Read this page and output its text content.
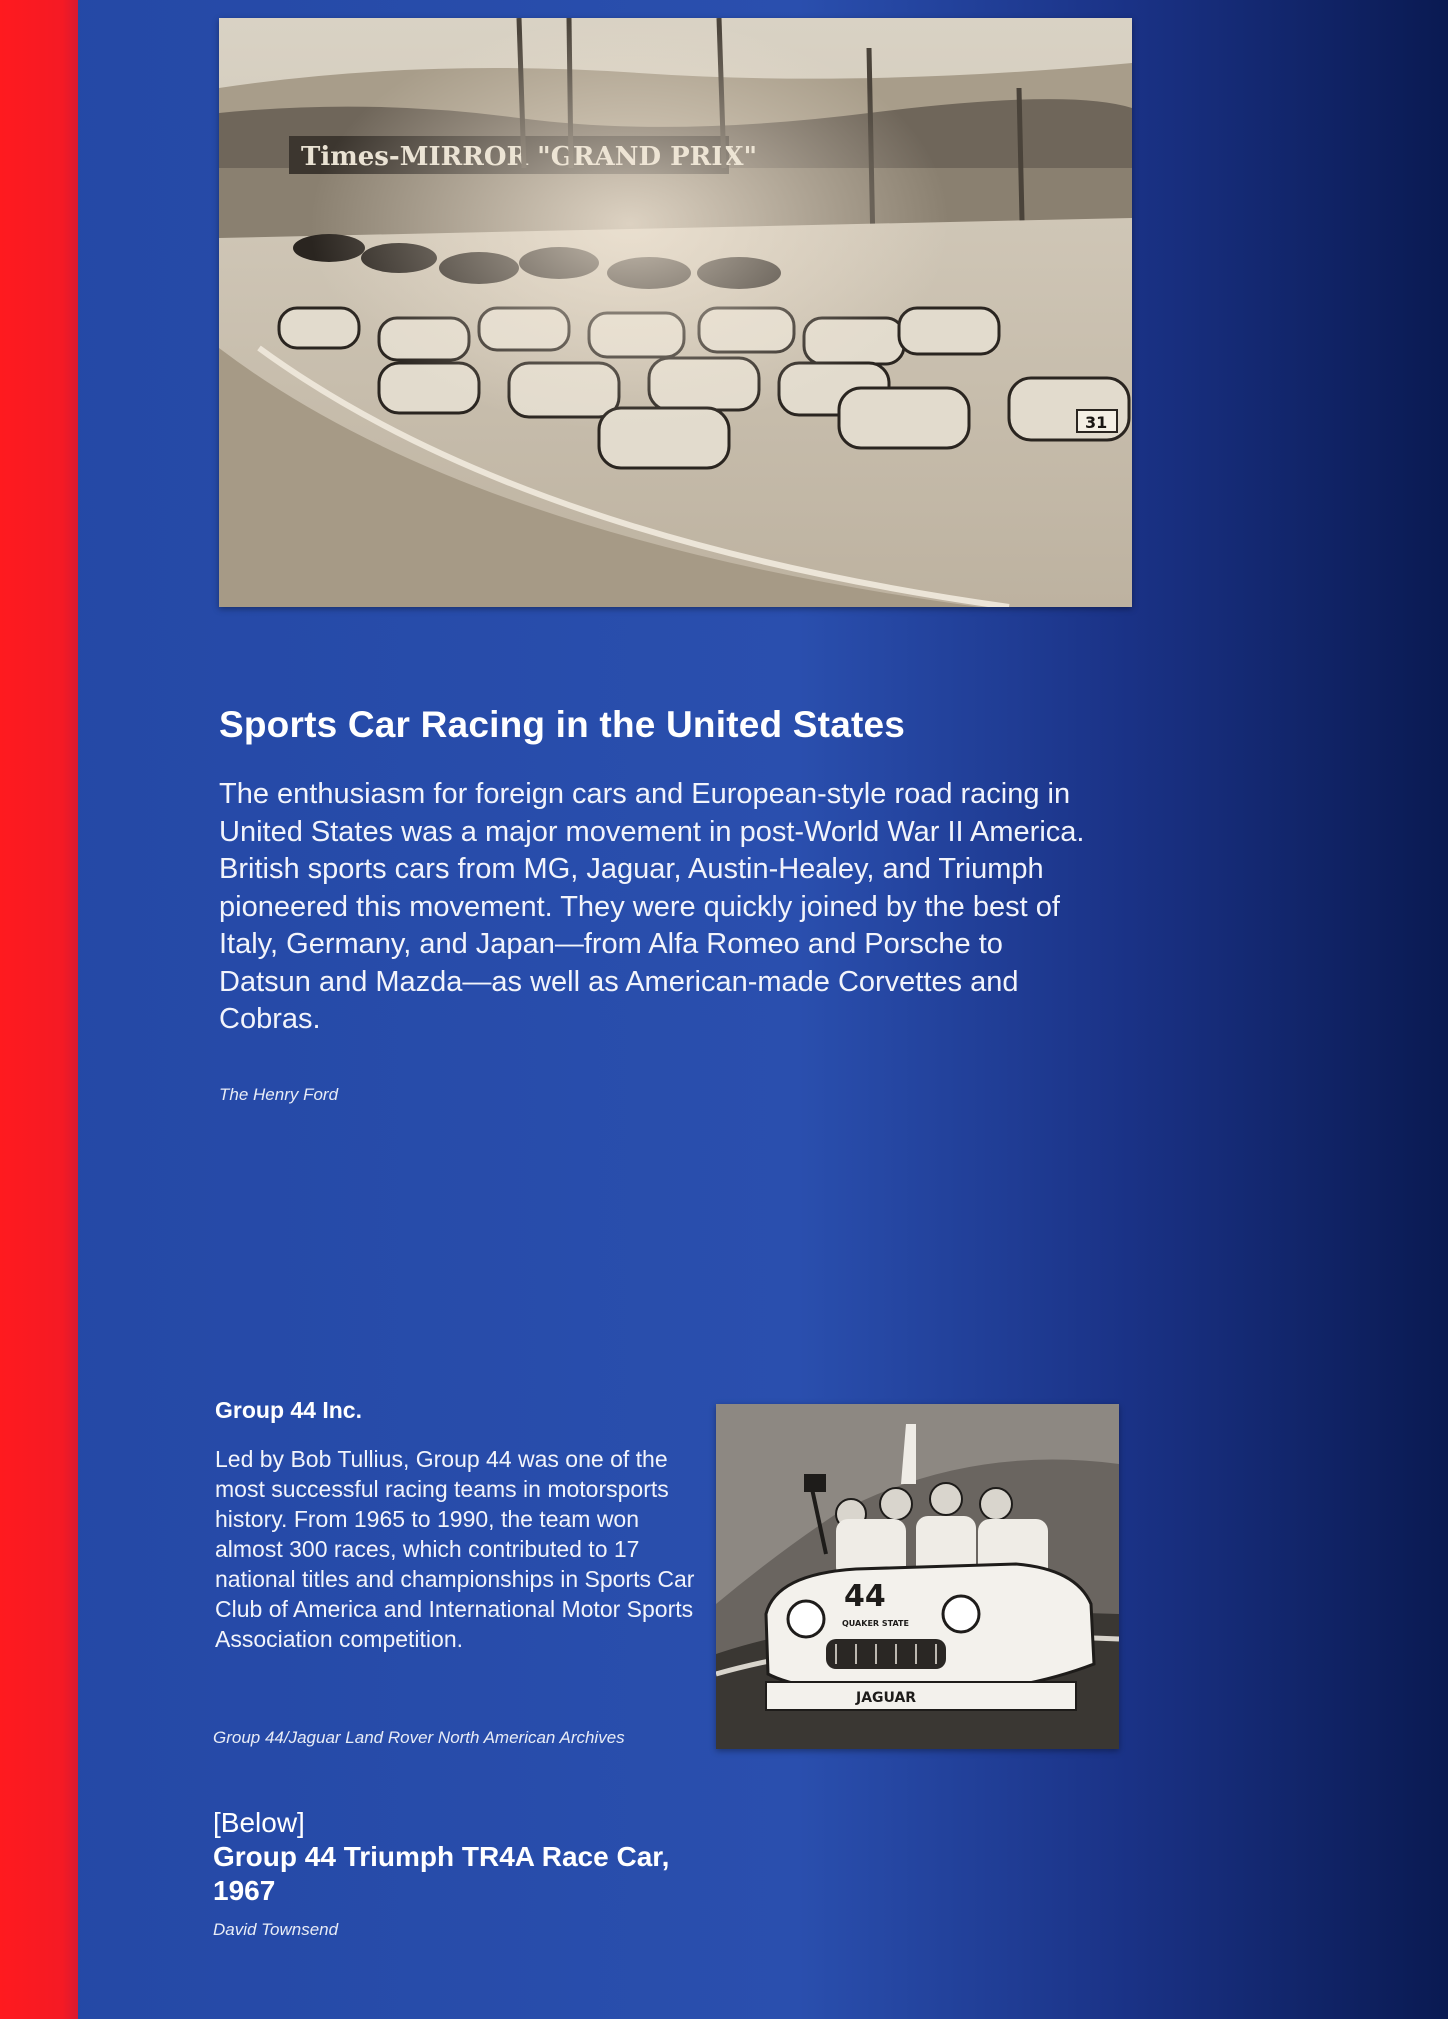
Sports Car Racing in the United States

The enthusiasm for foreign cars and European-style road racing in United States was a major movement in post-World War II America. British sports cars from MG, Jaguar, Austin-Healey, and Triumph pioneered this movement. They were quickly joined by the best of Italy, Germany, and Japan—from Alfa Romeo and Porsche to Datsun and Mazda—as well as American-made Corvettes and Cobras.

The Henry Ford

Group 44 Inc.

Led by Bob Tullius, Group 44 was one of the most successful racing teams in motorsports history. From 1965 to 1990, the team won almost 300 races, which contributed to 17 national titles and championships in Sports Car Club of America and International Motor Sports Association competition.

Group 44/Jaguar Land Rover North American Archives

44
QUAKER STATE
JAGUAR

[Below]

Group 44 Triumph TR4A Race Car, 1967

David Townsend
